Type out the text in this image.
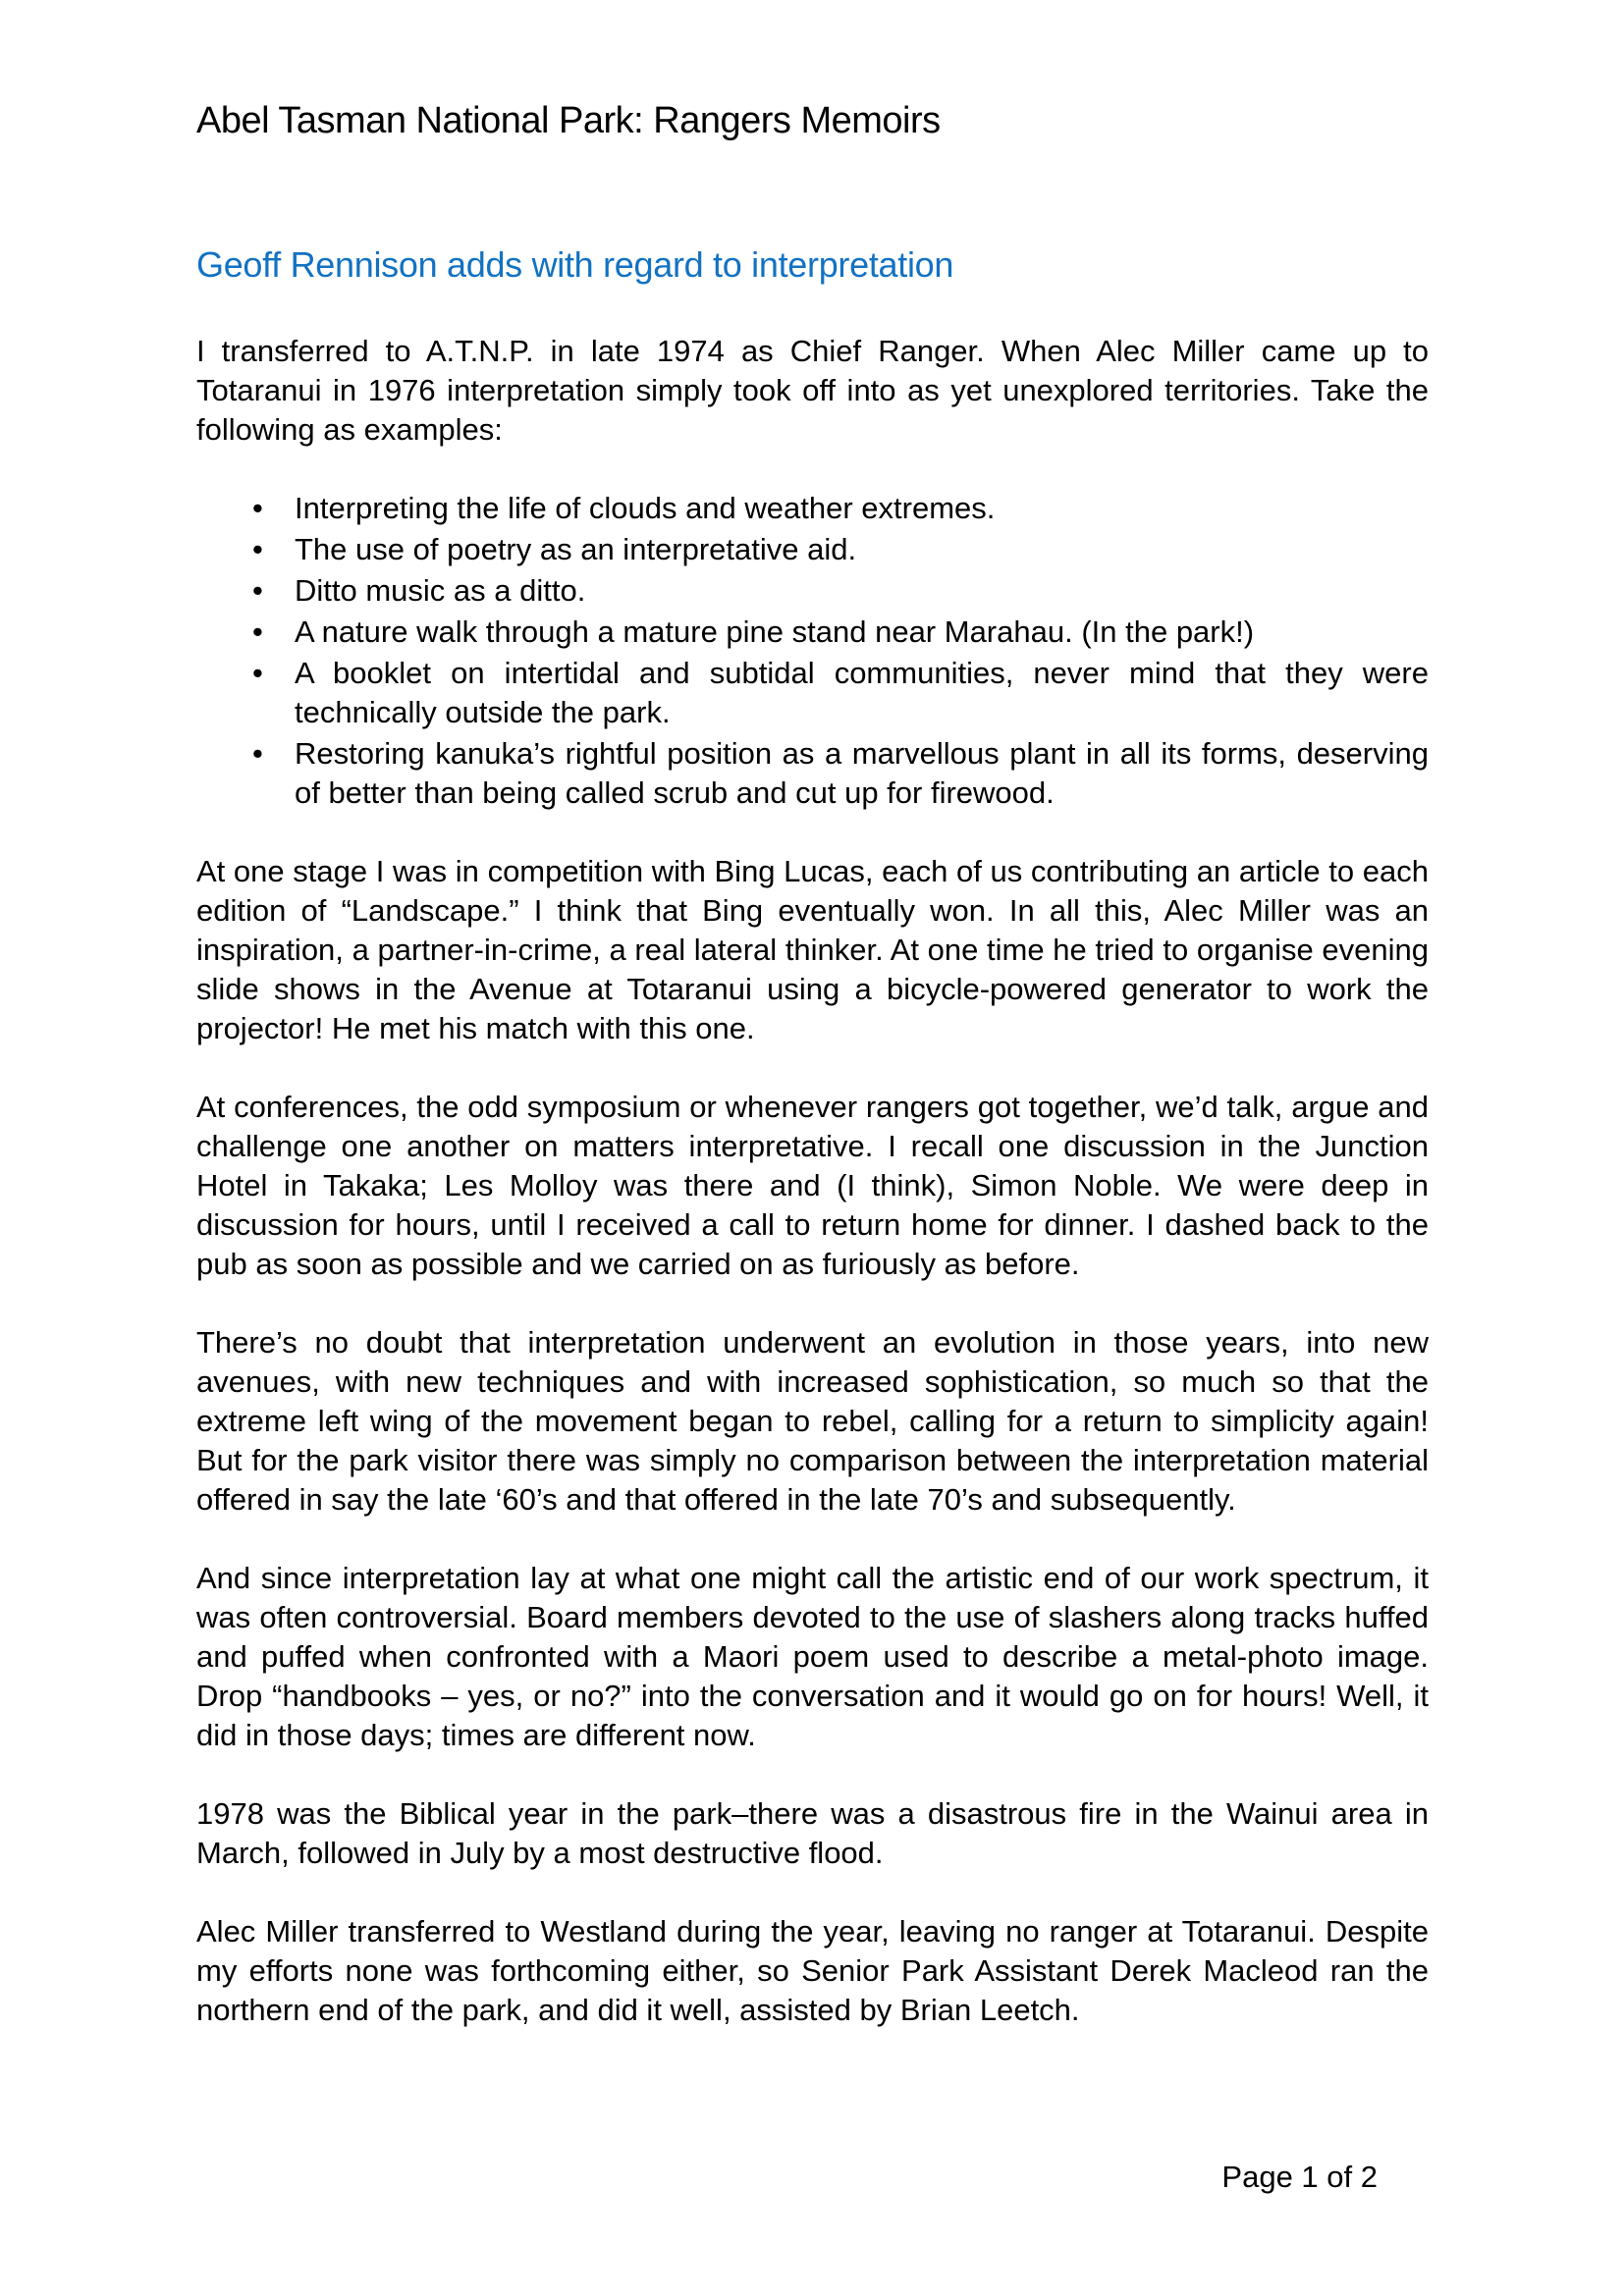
Abel Tasman National Park: Rangers Memoirs
Geoff Rennison adds with regard to interpretation

I transferred to A.T.N.P. in late 1974 as Chief Ranger. When Alec Miller came up to Totaranui in 1976 interpretation simply took off into as yet unexplored territories. Take the following as examples:

• Interpreting the life of clouds and weather extremes.
• The use of poetry as an interpretative aid.
• Ditto music as a ditto.
• A nature walk through a mature pine stand near Marahau. (In the park!)
• A booklet on intertidal and subtidal communities, never mind that they were technically outside the park.
• Restoring kanuka’s rightful position as a marvellous plant in all its forms, deserving of better than being called scrub and cut up for firewood.

At one stage I was in competition with Bing Lucas, each of us contributing an article to each edition of “Landscape.” I think that Bing eventually won. In all this, Alec Miller was an inspiration, a partner-in-crime, a real lateral thinker. At one time he tried to organise evening slide shows in the Avenue at Totaranui using a bicycle-powered generator to work the projector! He met his match with this one.

At conferences, the odd symposium or whenever rangers got together, we’d talk, argue and challenge one another on matters interpretative. I recall one discussion in the Junction Hotel in Takaka; Les Molloy was there and (I think), Simon Noble. We were deep in discussion for hours, until I received a call to return home for dinner. I dashed back to the pub as soon as possible and we carried on as furiously as before.

There’s no doubt that interpretation underwent an evolution in those years, into new avenues, with new techniques and with increased sophistication, so much so that the extreme left wing of the movement began to rebel, calling for a return to simplicity again! But for the park visitor there was simply no comparison between the interpretation material offered in say the late ‘60’s and that offered in the late 70’s and subsequently.

And since interpretation lay at what one might call the artistic end of our work spectrum, it was often controversial. Board members devoted to the use of slashers along tracks huffed and puffed when confronted with a Maori poem used to describe a metal-photo image. Drop “handbooks – yes, or no?” into the conversation and it would go on for hours! Well, it did in those days; times are different now.

1978 was the Biblical year in the park–there was a disastrous fire in the Wainui area in March, followed in July by a most destructive flood.

Alec Miller transferred to Westland during the year, leaving no ranger at Totaranui. Despite my efforts none was forthcoming either, so Senior Park Assistant Derek Macleod ran the northern end of the park, and did it well, assisted by Brian Leetch.

Page 1 of 2
